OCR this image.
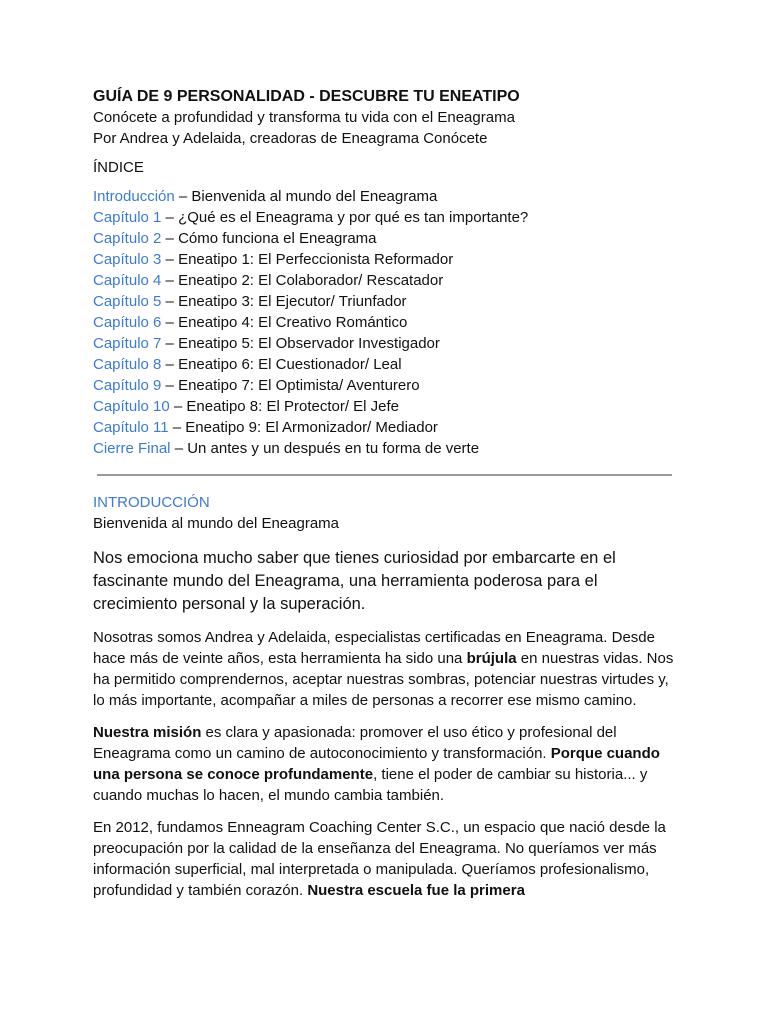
GUÍA DE 9 PERSONALIDAD - DESCUBRE TU ENEATIPO
Conócete a profundidad y transforma tu vida con el Eneagrama
Por Andrea y Adelaida, creadoras de Eneagrama Conócete
ÍNDICE
Introducción – Bienvenida al mundo del Eneagrama
Capítulo 1 – ¿Qué es el Eneagrama y por qué es tan importante?
Capítulo 2 – Cómo funciona el Eneagrama
Capítulo 3 – Eneatipo 1: El Perfeccionista Reformador
Capítulo 4 – Eneatipo 2: El Colaborador/ Rescatador
Capítulo 5 – Eneatipo 3: El Ejecutor/ Triunfador
Capítulo 6 – Eneatipo 4: El Creativo Romántico
Capítulo 7 – Eneatipo 5: El Observador Investigador
Capítulo 8 – Eneatipo 6: El Cuestionador/ Leal
Capítulo 9 – Eneatipo 7: El Optimista/ Aventurero
Capítulo 10 – Eneatipo 8: El Protector/ El Jefe
Capítulo 11 – Eneatipo 9: El Armonizador/ Mediador
Cierre Final – Un antes y un después en tu forma de verte
INTRODUCCIÓN
Bienvenida al mundo del Eneagrama

Nos emociona mucho saber que tienes curiosidad por embarcarte en el fascinante mundo del Eneagrama, una herramienta poderosa para el crecimiento personal y la superación.

Nosotras somos Andrea y Adelaida, especialistas certificadas en Eneagrama. Desde hace más de veinte años, esta herramienta ha sido una brújula en nuestras vidas. Nos ha permitido comprendernos, aceptar nuestras sombras, potenciar nuestras virtudes y, lo más importante, acompañar a miles de personas a recorrer ese mismo camino.

Nuestra misión es clara y apasionada: promover el uso ético y profesional del Eneagrama como un camino de autoconocimiento y transformación. Porque cuando una persona se conoce profundamente, tiene el poder de cambiar su historia... y cuando muchas lo hacen, el mundo cambia también.

En 2012, fundamos Enneagram Coaching Center S.C., un espacio que nació desde la preocupación por la calidad de la enseñanza del Eneagrama. No queríamos ver más información superficial, mal interpretada o manipulada. Queríamos profesionalismo, profundidad y también corazón. Nuestra escuela fue la primera
